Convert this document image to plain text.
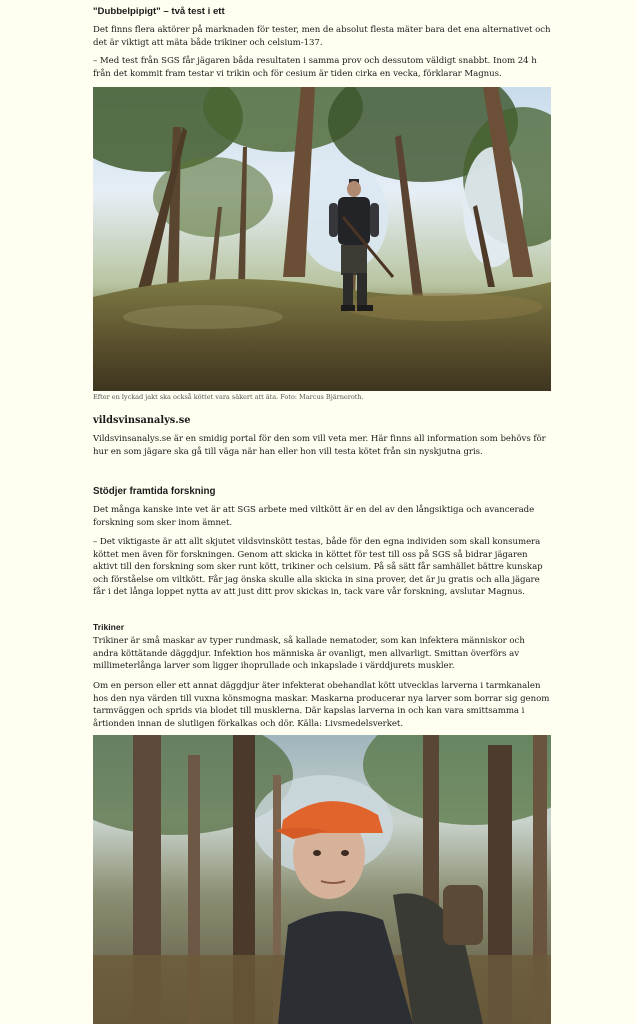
"Dubbelpipigt" – två test i ett

Det finns flera aktörer på marknaden för tester, men de absolut flesta mäter bara det ena alternativet och det är viktigt att mäta både trikiner och celsium-137.

– Med test från SGS får jägaren båda resultaten i samma prov och dessutom väldigt snabbt. Inom 24 h från det kommit fram testar vi trikin och för cesium är tiden cirka en vecka, förklarar Magnus.

Efter en lyckad jakt ska också köttet vara säkert att äta. Foto: Marcus Bjärneroth.

vildsvinsanalys.se

Vildsvinsanalys.se är en smidig portal för den som vill veta mer. Här finns all information som behövs för hur en som jägare ska gå till väga när han eller hon vill testa kötet från sin nyskjutna gris.

Stödjer framtida forskning

Det många kanske inte vet är att SGS arbete med viltkött är en del av den långsiktiga och avancerade forskning som sker inom ämnet.

– Det viktigaste är att allt skjutet vildsvinskött testas, både för den egna individen som skall konsumera köttet men även för forskningen. Genom att skicka in köttet för test till oss på SGS så bidrar jägaren aktivt till den forskning som sker runt kött, trikiner och celsium. På så sätt får samhället bättre kunskap och förståelse om viltkött. Får jag önska skulle alla skicka in sina prover, det är ju gratis och alla jägare får i det långa loppet nytta av att just ditt prov skickas in, tack vare vår forskning, avslutar Magnus.

Trikiner

Trikiner är små maskar av typer rundmask, så kallade nematoder, som kan infektera människor och andra köttätande däggdjur. Infektion hos människa är ovanligt, men allvarligt. Smittan överförs av millimeterlånga larver som ligger ihoprullade och inkapslade i värddjurets muskler.

Om en person eller ett annat däggdjur äter infekterat obehandlat kött utvecklas larverna i tarmkanalen hos den nya värden till vuxna könsmogna maskar. Maskarna producerar nya larver som borrar sig genom tarmväggen och sprids via blodet till musklerna. Där kapslas larverna in och kan vara smittsamma i årtionden innan de slutligen förkalkas och dör. Källa: Livsmedelsverket.
